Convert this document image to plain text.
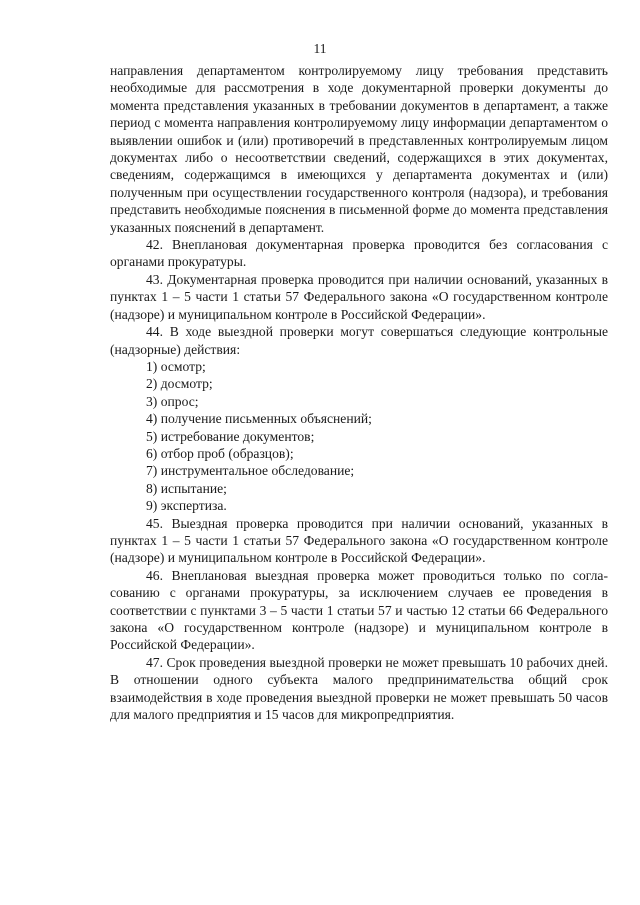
11

направления департаментом контролируемому лицу требования представить необходимые для рассмотрения в ходе документарной проверки документы до момента представления указанных в требовании документов в департамент, а также период с момента направления контролируемому лицу информации департаментом о выявлении ошибок и (или) противоречий в представленных контролируемым лицом документах либо о несоответствии сведений, содержащихся в этих документах, сведениям, содержащимся в имеющихся у департамента документах и (или) полученным при осуществлении государственного контроля (надзора), и требования представить необходимые пояснения в письменной форме до момента представления указанных пояснений в департамент.

42. Внеплановая документарная проверка проводится без согласования с органами прокуратуры.

43. Документарная проверка проводится при наличии оснований, указанных в пунктах 1 – 5 части 1 статьи 57 Федерального закона «О государственном контроле (надзоре) и муниципальном контроле в Российской Федерации».

44. В ходе выездной проверки могут совершаться следующие контрольные (надзорные) действия:

1) осмотр;

2) досмотр;

3) опрос;

4) получение письменных объяснений;

5) истребование документов;

6) отбор проб (образцов);

7) инструментальное обследование;

8) испытание;

9) экспертиза.

45. Выездная проверка проводится при наличии оснований, указанных в пунктах 1 – 5 части 1 статьи 57 Федерального закона «О государственном контроле (надзоре) и муниципальном контроле в Российской Федерации».

46. Внеплановая выездная проверка может проводиться только по согласованию с органами прокуратуры, за исключением случаев ее проведения в соответствии с пунктами 3 – 5 части 1 статьи 57 и частью 12 статьи 66 Федерального закона «О государственном контроле (надзоре) и муниципальном контроле в Российской Федерации».

47. Срок проведения выездной проверки не может превышать 10 рабочих дней. В отношении одного субъекта малого предпринимательства общий срок взаимодействия в ходе проведения выездной проверки не может превышать 50 часов для малого предприятия и 15 часов для микропредприятия.
